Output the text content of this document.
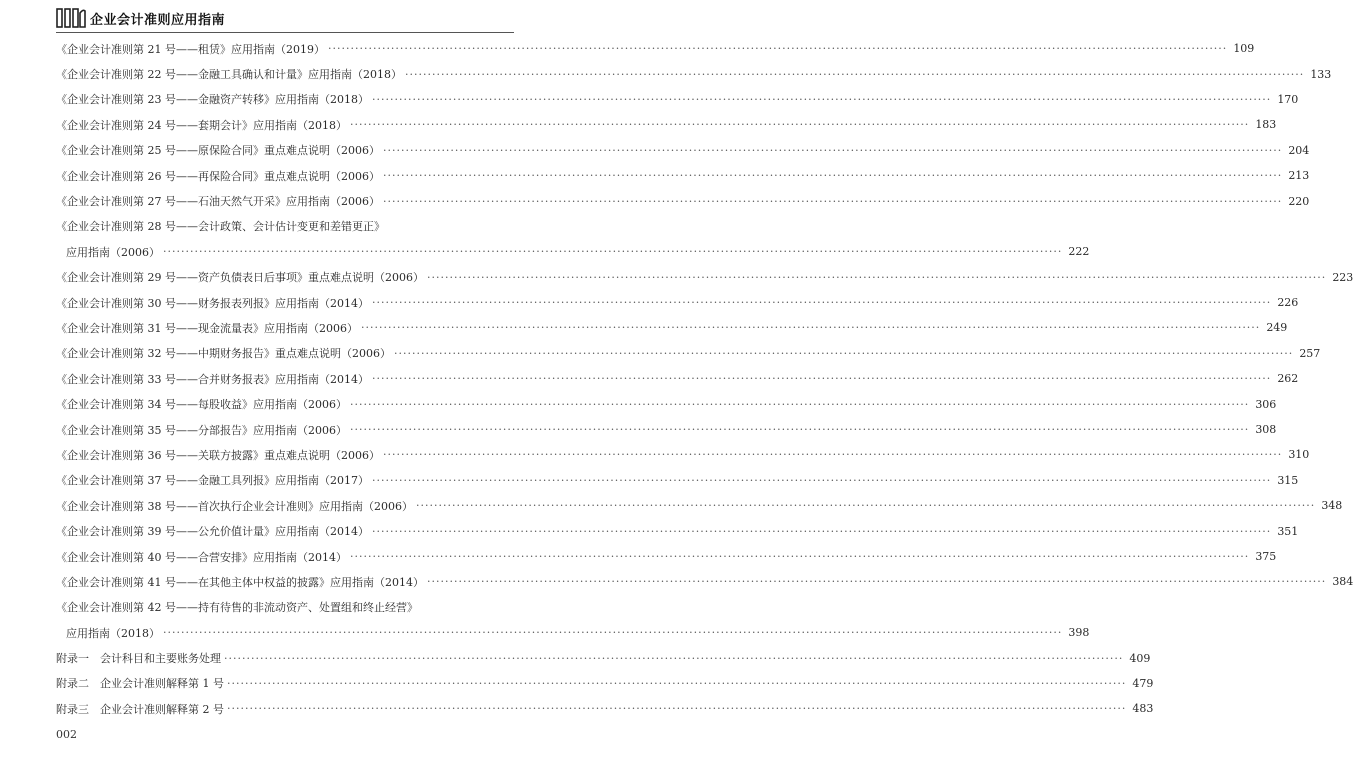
企业会计准则应用指南
《企业会计准则第 21 号——租赁》应用指南（2019） ········································································································································································································ 109
《企业会计准则第 22 号——金融工具确认和计量》应用指南（2018） ········································································································································································································ 133
《企业会计准则第 23 号——金融资产转移》应用指南（2018） ········································································································································································································ 170
《企业会计准则第 24 号——套期会计》应用指南（2018） ········································································································································································································ 183
《企业会计准则第 25 号——原保险合同》重点难点说明（2006） ········································································································································································································ 204
《企业会计准则第 26 号——再保险合同》重点难点说明（2006） ········································································································································································································ 213
《企业会计准则第 27 号——石油天然气开采》应用指南（2006） ········································································································································································································ 220
《企业会计准则第 28 号——会计政策、会计估计变更和差错更正》
应用指南（2006） ········································································································································································································ 222
《企业会计准则第 29 号——资产负债表日后事项》重点难点说明（2006） ········································································································································································································ 223
《企业会计准则第 30 号——财务报表列报》应用指南（2014） ········································································································································································································ 226
《企业会计准则第 31 号——现金流量表》应用指南（2006） ········································································································································································································ 249
《企业会计准则第 32 号——中期财务报告》重点难点说明（2006） ········································································································································································································ 257
《企业会计准则第 33 号——合并财务报表》应用指南（2014） ········································································································································································································ 262
《企业会计准则第 34 号——每股收益》应用指南（2006） ········································································································································································································ 306
《企业会计准则第 35 号——分部报告》应用指南（2006） ········································································································································································································ 308
《企业会计准则第 36 号——关联方披露》重点难点说明（2006） ········································································································································································································ 310
《企业会计准则第 37 号——金融工具列报》应用指南（2017） ········································································································································································································ 315
《企业会计准则第 38 号——首次执行企业会计准则》应用指南（2006） ········································································································································································································ 348
《企业会计准则第 39 号——公允价值计量》应用指南（2014） ········································································································································································································ 351
《企业会计准则第 40 号——合营安排》应用指南（2014） ········································································································································································································ 375
《企业会计准则第 41 号——在其他主体中权益的披露》应用指南（2014） ········································································································································································································ 384
《企业会计准则第 42 号——持有待售的非流动资产、处置组和终止经营》
应用指南（2018） ········································································································································································································ 398
附录一　会计科目和主要账务处理 ········································································································································································································ 409
附录二　企业会计准则解释第 1 号 ········································································································································································································ 479
附录三　企业会计准则解释第 2 号 ········································································································································································································ 483
002
